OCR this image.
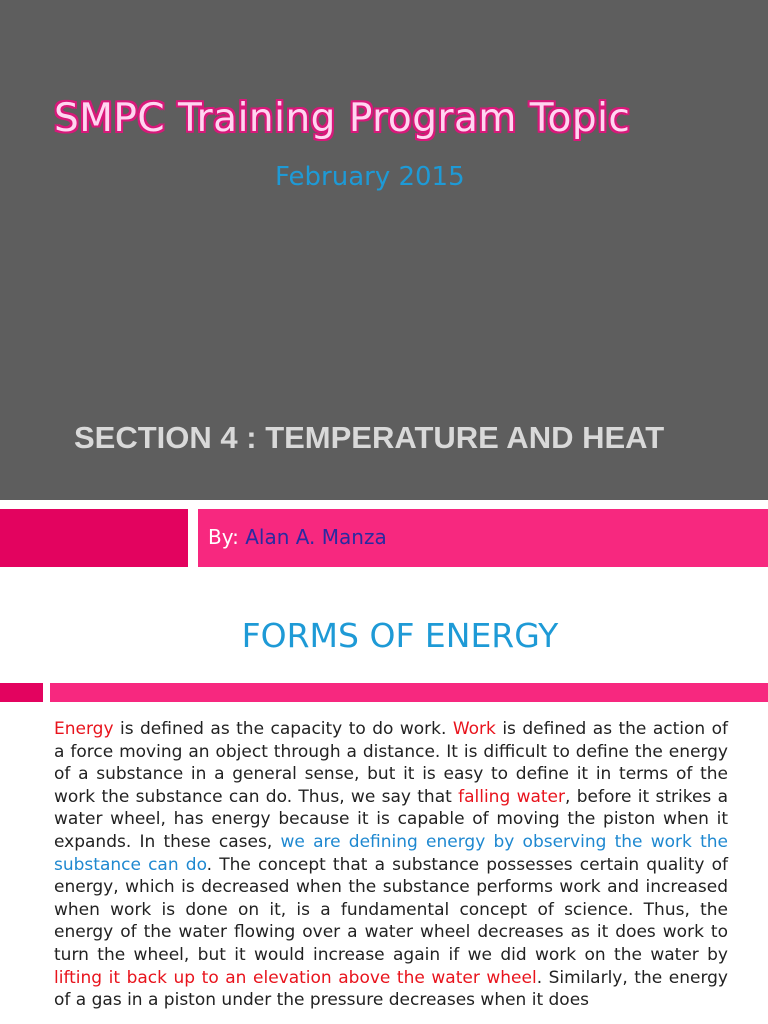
SMPC Training Program Topic
February 2015
SECTION 4 : TEMPERATURE AND HEAT
By: Alan A. Manza
FORMS OF ENERGY

Energy is defined as the capacity to do work. Work is defined as the action of a force moving an object through a distance. It is difficult to define the energy of a substance in a general sense, but it is easy to define it in terms of the work the substance can do. Thus, we say that falling water, before it strikes a water wheel, has energy because it is capable of moving the piston when it expands. In these cases, we are defining energy by observing the work the substance can do. The concept that a substance possesses certain quality of energy, which is decreased when the substance performs work and increased when work is done on it, is a fundamental concept of science. Thus, the energy of the water flowing over a water wheel decreases as it does work to turn the wheel, but it would increase again if we did work on the water by lifting it back up to an elevation above the water wheel. Similarly, the energy of a gas in a piston under the pressure decreases when it does
